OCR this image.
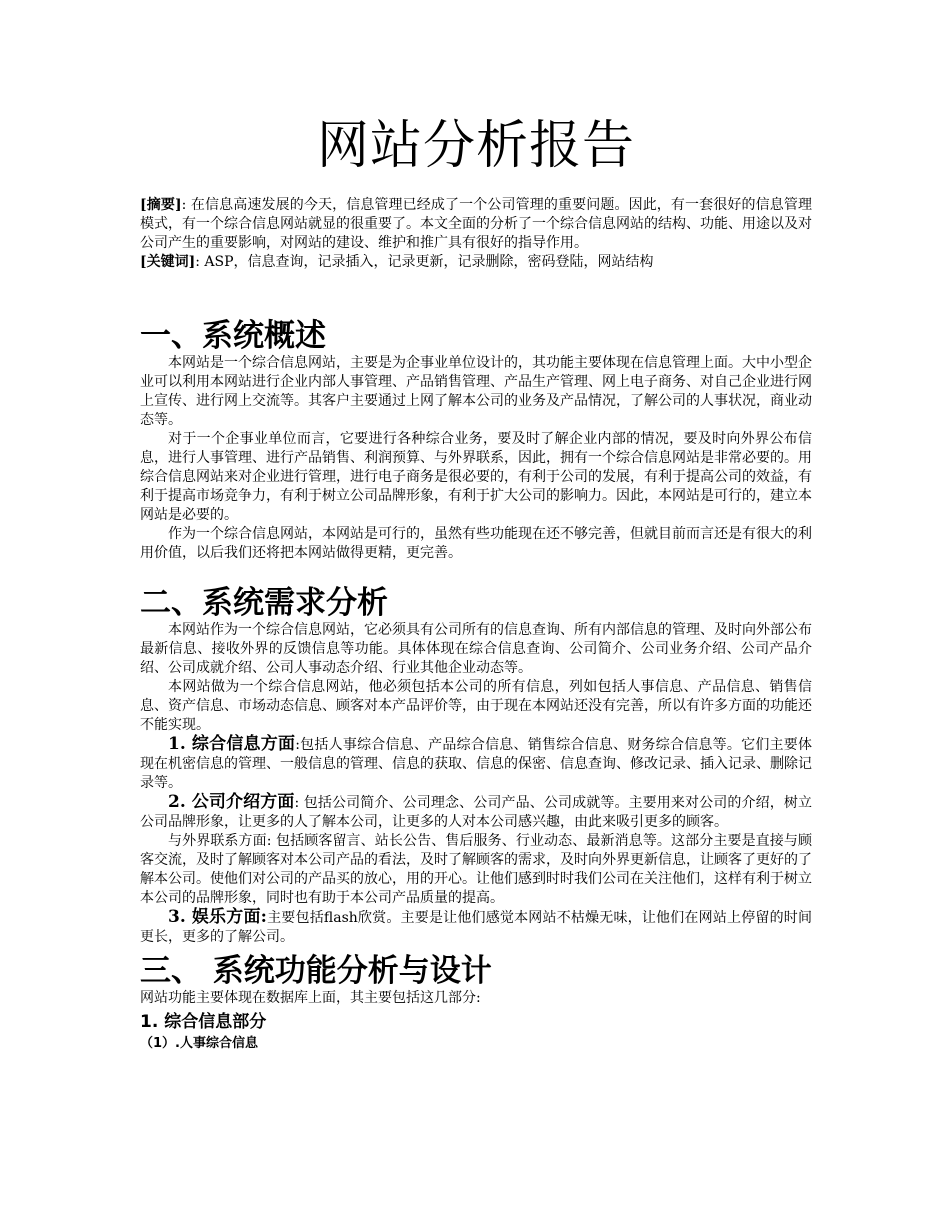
网站分析报告

[摘要]: 在信息高速发展的今天，信息管理已经成了一个公司管理的重要问题。因此，有一套很好的信息管理模式，有一个综合信息网站就显的很重要了。本文全面的分析了一个综合信息网站的结构、功能、用途以及对公司产生的重要影响，对网站的建设、维护和推广具有很好的指导作用。

[关键词]: ASP，信息查询，记录插入，记录更新，记录删除，密码登陆，网站结构

一、系统概述

本网站是一个综合信息网站，主要是为企事业单位设计的，其功能主要体现在信息管理上面。大中小型企业可以利用本网站进行企业内部人事管理、产品销售管理、产品生产管理、网上电子商务、对自己企业进行网上宣传、进行网上交流等。其客户主要通过上网了解本公司的业务及产品情况，了解公司的人事状况，商业动态等。

对于一个企事业单位而言，它要进行各种综合业务，要及时了解企业内部的情况，要及时向外界公布信息，进行人事管理、进行产品销售、利润预算、与外界联系，因此，拥有一个综合信息网站是非常必要的。用综合信息网站来对企业进行管理，进行电子商务是很必要的，有利于公司的发展，有利于提高公司的效益，有利于提高市场竞争力，有利于树立公司品牌形象，有利于扩大公司的影响力。因此，本网站是可行的，建立本网站是必要的。

作为一个综合信息网站，本网站是可行的，虽然有些功能现在还不够完善，但就目前而言还是有很大的利用价值，以后我们还将把本网站做得更精，更完善。

二、系统需求分析

本网站作为一个综合信息网站，它必须具有公司所有的信息查询、所有内部信息的管理、及时向外部公布最新信息、接收外界的反馈信息等功能。具体体现在综合信息查询、公司简介、公司业务介绍、公司产品介绍、公司成就介绍、公司人事动态介绍、行业其他企业动态等。

本网站做为一个综合信息网站，他必须包括本公司的所有信息，列如包括人事信息、产品信息、销售信息、资产信息、市场动态信息、顾客对本产品评价等，由于现在本网站还没有完善，所以有许多方面的功能还不能实现。

1. 综合信息方面:包括人事综合信息、产品综合信息、销售综合信息、财务综合信息等。它们主要体现在机密信息的管理、一般信息的管理、信息的获取、信息的保密、信息查询、修改记录、插入记录、删除记录等。

2. 公司介绍方面: 包括公司简介、公司理念、公司产品、公司成就等。主要用来对公司的介绍，树立公司品牌形象，让更多的人了解本公司，让更多的人对本公司感兴趣，由此来吸引更多的顾客。

与外界联系方面: 包括顾客留言、站长公告、售后服务、行业动态、最新消息等。这部分主要是直接与顾客交流，及时了解顾客对本公司产品的看法，及时了解顾客的需求，及时向外界更新信息，让顾客了更好的了解本公司。使他们对公司的产品买的放心，用的开心。让他们感到时时我们公司在关注他们，这样有利于树立本公司的品牌形象，同时也有助于本公司产品质量的提高。

3. 娱乐方面:主要包括flash欣赏。主要是让他们感觉本网站不枯燥无味，让他们在网站上停留的时间更长，更多的了解公司。

三、 系统功能分析与设计

网站功能主要体现在数据库上面，其主要包括这几部分:

1. 综合信息部分
（1）.人事综合信息
